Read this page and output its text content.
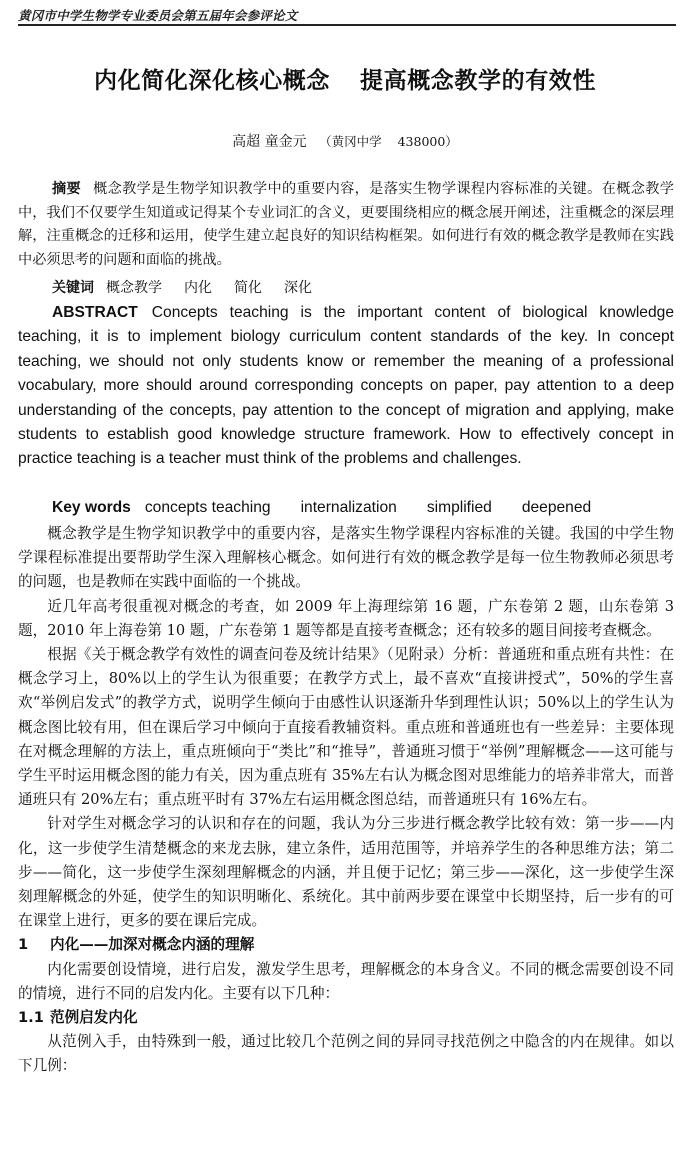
黄冈市中学生物学专业委员会第五届年会参评论文
内化简化深化核心概念 提高概念教学的有效性
高超 童金元 （黄冈中学 438000）
摘要 概念教学是生物学知识教学中的重要内容，是落实生物学课程内容标准的关键。在概念教学中，我们不仅要学生知道或记得某个专业词汇的含义，更要围绕相应的概念展开阐述，注重概念的深层理解，注重概念的迁移和运用，使学生建立起良好的知识结构框架。如何进行有效的概念教学是教师在实践中必须思考的问题和面临的挑战。
关键词 概念教学 内化 简化 深化
ABSTRACT Concepts teaching is the important content of biological knowledge teaching, it is to implement biology curriculum content standards of the key. In concept teaching, we should not only students know or remember the meaning of a professional vocabulary, more should around corresponding concepts on paper, pay attention to a deep understanding of the concepts, pay attention to the concept of migration and applying, make students to establish good knowledge structure framework. How to effectively concept in practice teaching is a teacher must think of the problems and challenges.
Key words concepts teaching internalization simplified deepened

概念教学是生物学知识教学中的重要内容，是落实生物学课程内容标准的关键。我国的中学生物学课程标准提出要帮助学生深入理解核心概念。如何进行有效的概念教学是每一位生物教师必须思考的问题，也是教师在实践中面临的一个挑战。

近几年高考很重视对概念的考查，如 2009 年上海理综第 16 题，广东卷第 2 题，山东卷第 3 题，2010 年上海卷第 10 题，广东卷第 1 题等都是直接考查概念；还有较多的题目间接考查概念。

根据《关于概念教学有效性的调查问卷及统计结果》（见附录）分析：普通班和重点班有共性：在概念学习上，80%以上的学生认为很重要；在教学方式上，最不喜欢“直接讲授式”，50%的学生喜欢“举例启发式”的教学方式，说明学生倾向于由感性认识逐渐升华到理性认识；50%以上的学生认为概念图比较有用，但在课后学习中倾向于直接看教辅资料。重点班和普通班也有一些差异：主要体现在对概念理解的方法上，重点班倾向于“类比”和“推导”，普通班习惯于“举例”理解概念——这可能与学生平时运用概念图的能力有关，因为重点班有 35%左右认为概念图对思维能力的培养非常大，而普通班只有 20%左右；重点班平时有 37%左右运用概念图总结，而普通班只有 16%左右。

针对学生对概念学习的认识和存在的问题，我认为分三步进行概念教学比较有效：第一步——内化，这一步使学生清楚概念的来龙去脉，建立条件，适用范围等，并培养学生的各种思维方法；第二步——简化，这一步使学生深刻理解概念的内涵，并且便于记忆；第三步——深化，这一步使学生深刻理解概念的外延，使学生的知识明晰化、系统化。其中前两步要在课堂中长期坚持，后一步有的可在课堂上进行，更多的要在课后完成。

1 内化——加深对概念内涵的理解

内化需要创设情境，进行启发，激发学生思考，理解概念的本身含义。不同的概念需要创设不同的情境，进行不同的启发内化。主要有以下几种：

1.1 范例启发内化

从范例入手，由特殊到一般，通过比较几个范例之间的异同寻找范例之中隐含的内在规律。如以下几例：
